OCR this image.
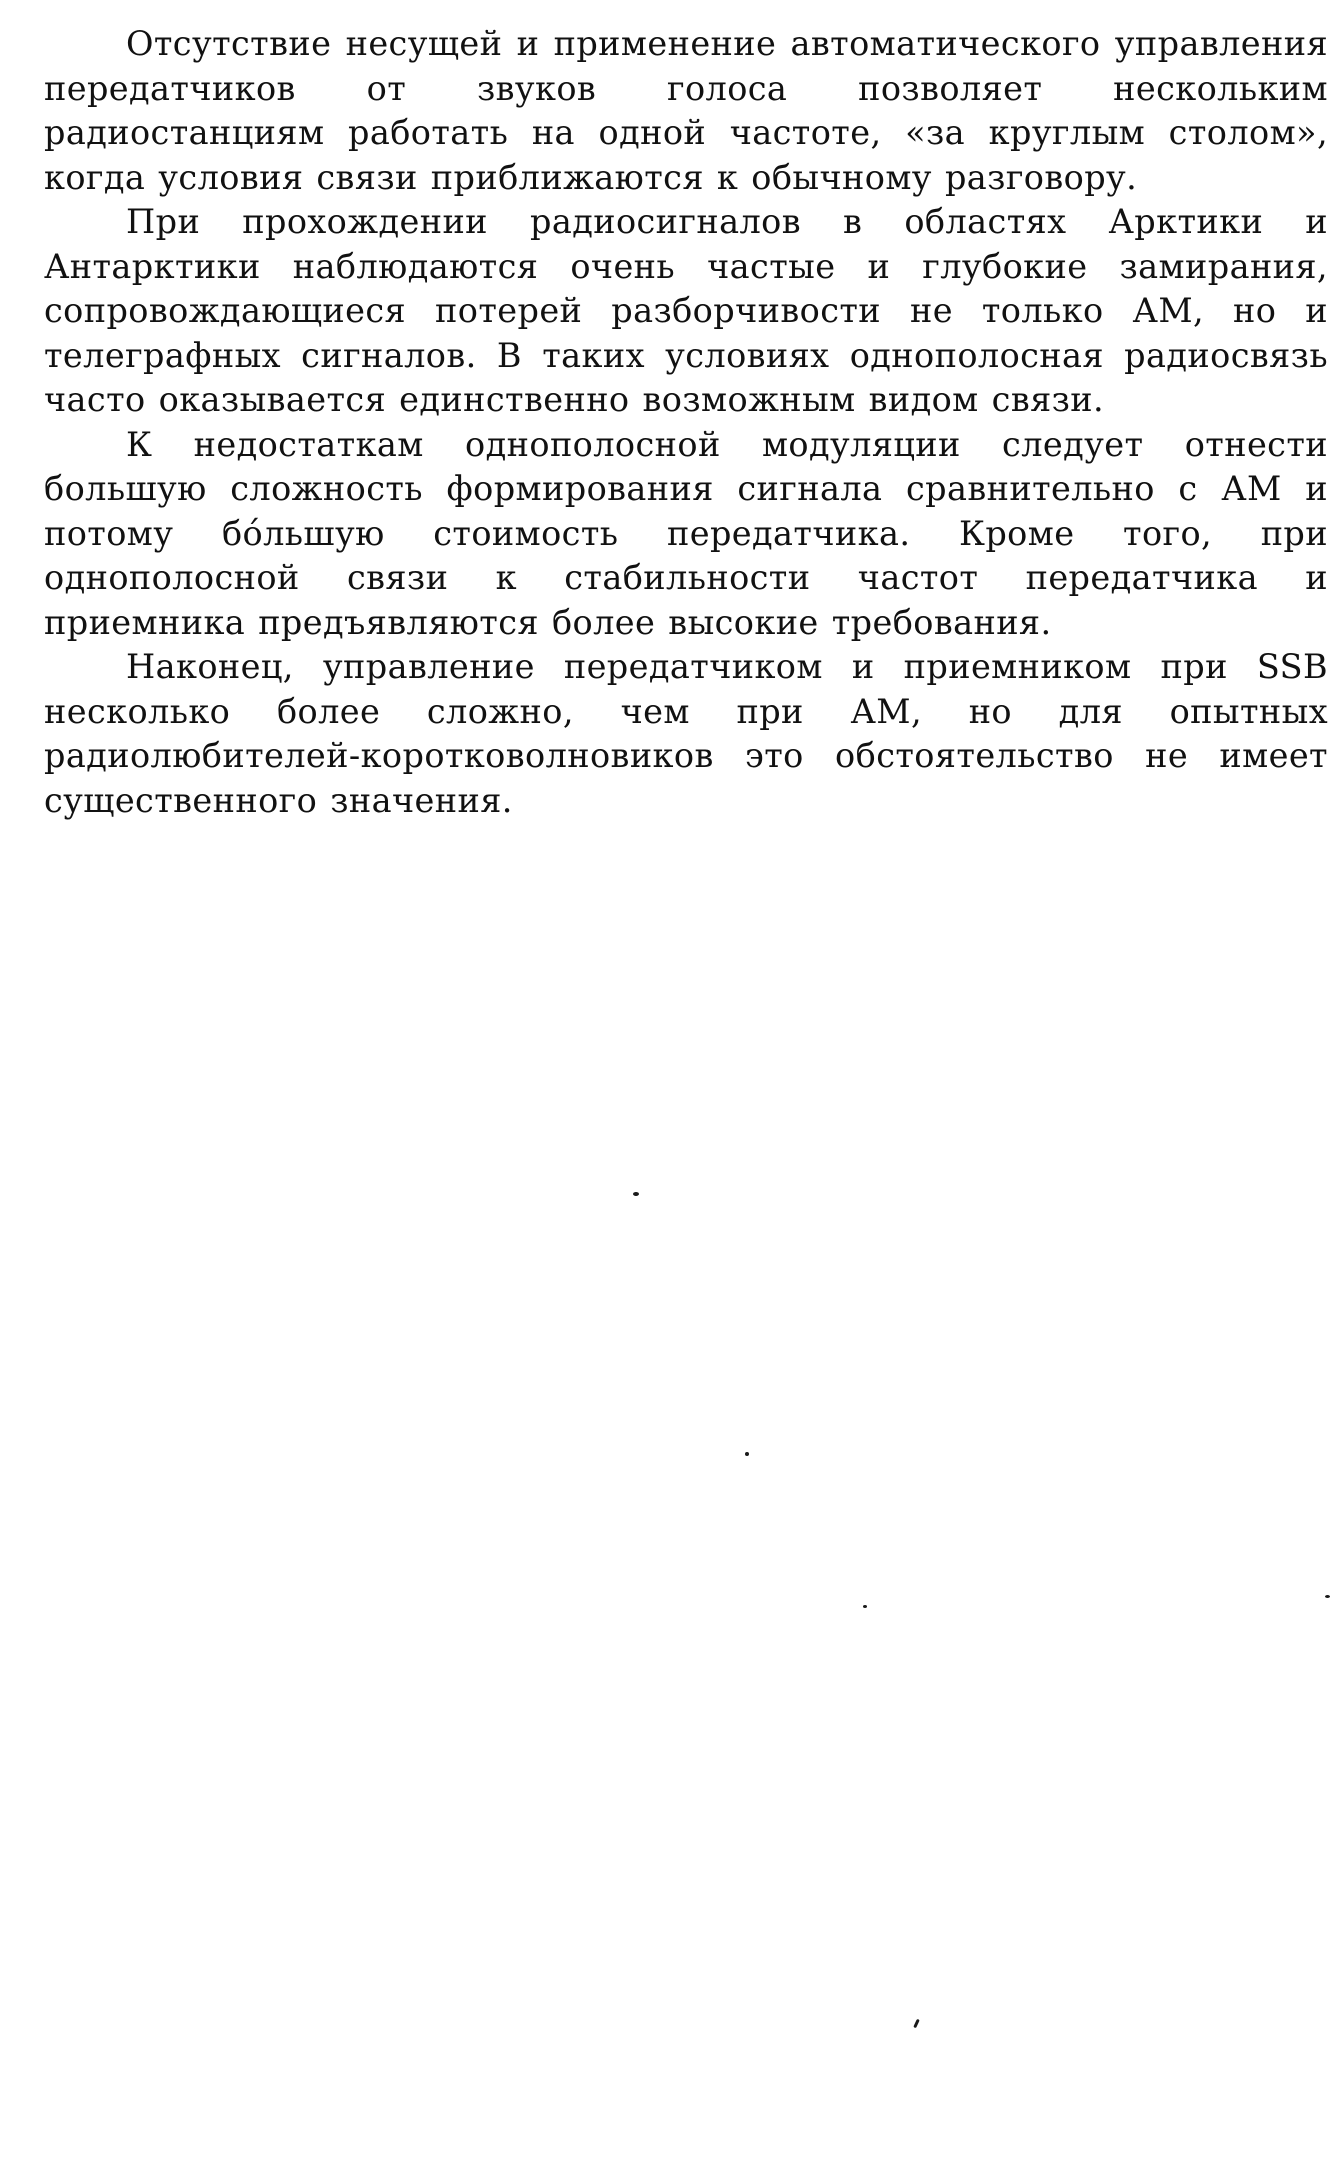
Отсутствие несущей и применение автоматического управления передатчиков от звуков голоса позволяет нескольким радиостанциям работать на одной частоте, «за круглым столом», когда условия связи приближаются к обычному разговору.

При прохождении радиосигналов в областях Арктики и Антарктики наблюдаются очень частые и глубокие замирания, сопровождающиеся потерей разборчивости не только АМ, но и телеграфных сигналов. В таких условиях однополосная радиосвязь часто оказывается единственно возможным видом связи.

К недостаткам однополосной модуляции следует отнести большую сложность формирования сигнала сравнительно с АМ и потому бо́льшую стоимость передатчика. Кроме того, при однополосной связи к стабильности частот передатчика и приемника предъявляются более высокие требования.

Наконец, управление передатчиком и приемником при SSB несколько более сложно, чем при АМ, но для опытных радиолюбителей-коротковолновиков это обстоятельство не имеет существенного значения.
